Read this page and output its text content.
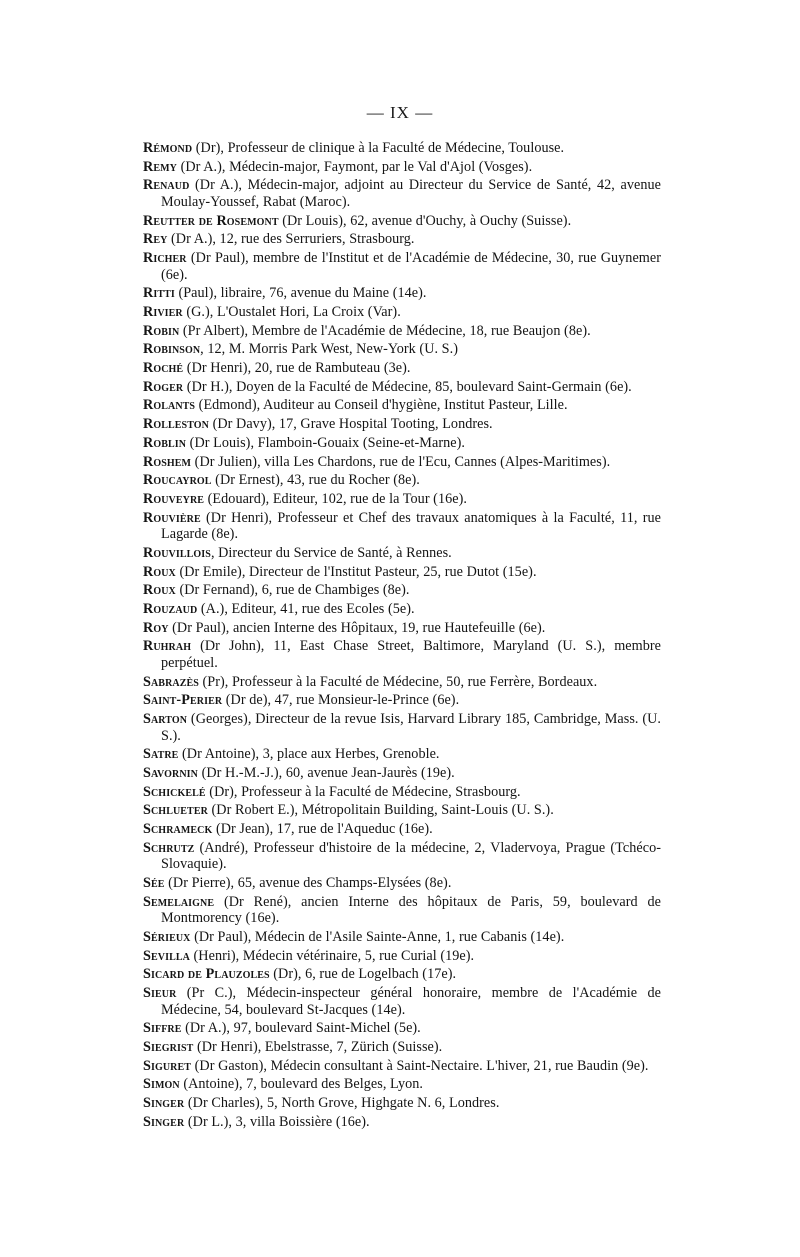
— IX —

Rémond (Dr), Professeur de clinique à la Faculté de Médecine, Toulouse.

Remy (Dr A.), Médecin-major, Faymont, par le Val d'Ajol (Vosges).

Renaud (Dr A.), Médecin-major, adjoint au Directeur du Service de Santé, 42, avenue Moulay-Youssef, Rabat (Maroc).

Reutter de Rosemont (Dr Louis), 62, avenue d'Ouchy, à Ouchy (Suisse).

Rey (Dr A.), 12, rue des Serruriers, Strasbourg.

Richer (Dr Paul), membre de l'Institut et de l'Académie de Médecine, 30, rue Guynemer (6e).

Ritti (Paul), libraire, 76, avenue du Maine (14e).

Rivier (G.), L'Oustalet Hori, La Croix (Var).

Robin (Pr Albert), Membre de l'Académie de Médecine, 18, rue Beaujon (8e).

Robinson, 12, M. Morris Park West, New-York (U. S.)

Roché (Dr Henri), 20, rue de Rambuteau (3e).

Roger (Dr H.), Doyen de la Faculté de Médecine, 85, boulevard Saint-Germain (6e).

Rolants (Edmond), Auditeur au Conseil d'hygiène, Institut Pasteur, Lille.

Rolleston (Dr Davy), 17, Grave Hospital Tooting, Londres.

Roblin (Dr Louis), Flamboin-Gouaix (Seine-et-Marne).

Roshem (Dr Julien), villa Les Chardons, rue de l'Ecu, Cannes (Alpes-Maritimes).

Roucayrol (Dr Ernest), 43, rue du Rocher (8e).

Rouveyre (Edouard), Editeur, 102, rue de la Tour (16e).

Rouvière (Dr Henri), Professeur et Chef des travaux anatomiques à la Faculté, 11, rue Lagarde (8e).

Rouvillois, Directeur du Service de Santé, à Rennes.

Roux (Dr Emile), Directeur de l'Institut Pasteur, 25, rue Dutot (15e).

Roux (Dr Fernand), 6, rue de Chambiges (8e).

Rouzaud (A.), Editeur, 41, rue des Ecoles (5e).

Roy (Dr Paul), ancien Interne des Hôpitaux, 19, rue Hautefeuille (6e).

Ruhrah (Dr John), 11, East Chase Street, Baltimore, Maryland (U. S.), membre perpétuel.

Sabrazès (Pr), Professeur à la Faculté de Médecine, 50, rue Ferrère, Bordeaux.

Saint-Perier (Dr de), 47, rue Monsieur-le-Prince (6e).

Sarton (Georges), Directeur de la revue Isis, Harvard Library 185, Cambridge, Mass. (U. S.).

Satre (Dr Antoine), 3, place aux Herbes, Grenoble.

Savornin (Dr H.-M.-J.), 60, avenue Jean-Jaurès (19e).

Schickelé (Dr), Professeur à la Faculté de Médecine, Strasbourg.

Schlueter (Dr Robert E.), Métropolitain Building, Saint-Louis (U. S.).

Schrameck (Dr Jean), 17, rue de l'Aqueduc (16e).

Schrutz (André), Professeur d'histoire de la médecine, 2, Vladervoya, Prague (Tchéco-Slovaquie).

Sée (Dr Pierre), 65, avenue des Champs-Elysées (8e).

Semelaigne (Dr René), ancien Interne des hôpitaux de Paris, 59, boulevard de Montmorency (16e).

Sérieux (Dr Paul), Médecin de l'Asile Sainte-Anne, 1, rue Cabanis (14e).

Sevilla (Henri), Médecin vétérinaire, 5, rue Curial (19e).

Sicard de Plauzoles (Dr), 6, rue de Logelbach (17e).

Sieur (Pr C.), Médecin-inspecteur général honoraire, membre de l'Académie de Médecine, 54, boulevard St-Jacques (14e).

Siffre (Dr A.), 97, boulevard Saint-Michel (5e).

Siegrist (Dr Henri), Ebelstrasse, 7, Zürich (Suisse).

Siguret (Dr Gaston), Médecin consultant à Saint-Nectaire. L'hiver, 21, rue Baudin (9e).

Simon (Antoine), 7, boulevard des Belges, Lyon.

Singer (Dr Charles), 5, North Grove, Highgate N. 6, Londres.

Singer (Dr L.), 3, villa Boissière (16e).
